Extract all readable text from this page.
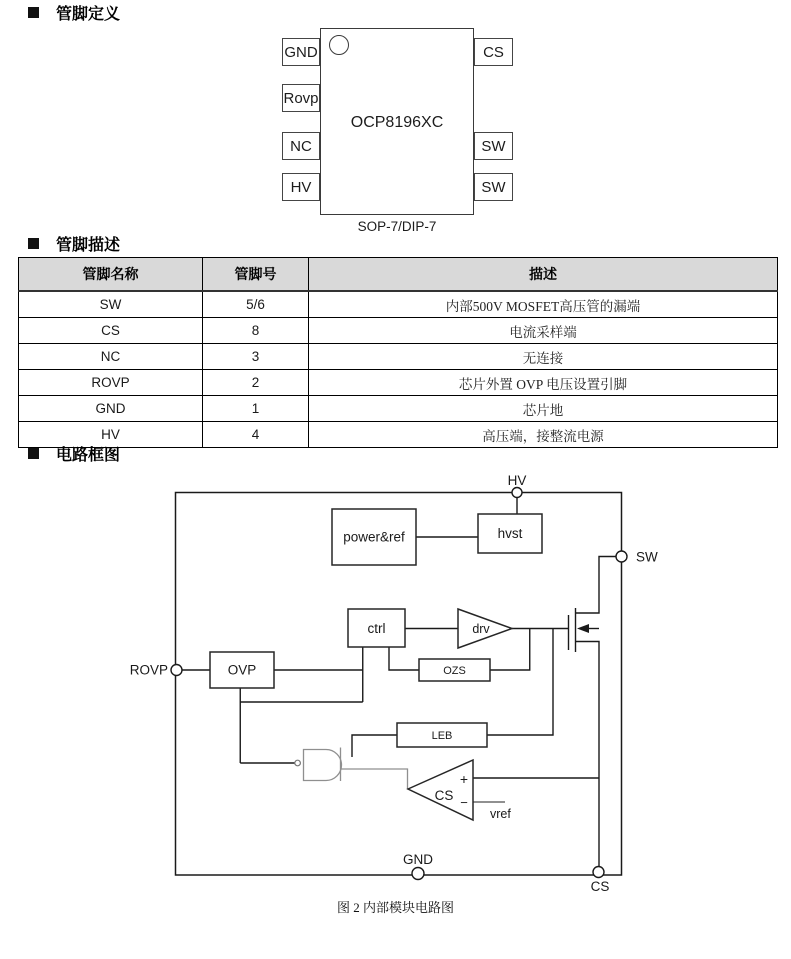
管脚定义
OCP8196XC
GND
Rovp
NC
HV
CS
SW
SW
SOP-7/DIP-7
管脚描述
管脚名称	管脚号	描述
SW	5/6	内部500V MOSFET高压管的漏端
CS	8	电流采样端
NC	3	无连接
ROVP	2	芯片外置 OVP 电压设置引脚
GND	1	芯片地
HV	4	高压端，接整流电源
电路框图
HV
SW
ROVP
GND
CS
power&ref	hvst
ctrl	drv
OZS
OVP
LEB
CS
+
−
vref
图 2 内部模块电路图
